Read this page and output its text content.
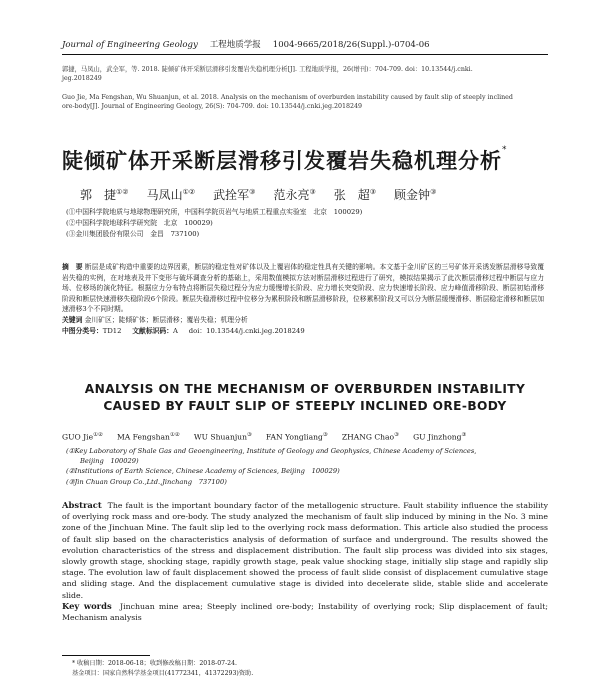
Journal of Engineering Geology 工程地质学报 1004-9665/2018/26(Suppl.)-0704-06
郭捷，马凤山，武全军，等. 2018. 陡倾矿体开采断层滑移引发覆岩失稳机理分析[J]. 工程地质学报，26(增刊)：704-709. doi：10.13544/j.cnki.
jeg.2018249
Guo Jie, Ma Fengshan, Wu Shuanjun, et al. 2018. Analysis on the mechanism of overburden instability caused by fault slip of steeply inclined
ore-body[J]. Journal of Engineering Geology, 26(S): 704-709. doi: 10.13544/j.cnki.jeg.2018249
陡倾矿体开采断层滑移引发覆岩失稳机理分析*
郭　捷①② 马凤山①② 武拴军③ 范永亮③ 张　超③ 顾金钟③
(①中国科学院地质与地球物理研究所，中国科学院页岩气与地质工程重点实验室　北京　100029)
(②中国科学院地球科学研究院　北京　100029)
(③金川集团股份有限公司　金昌　737100)
摘　要 断层是成矿构造中重要的边界因素，断层的稳定性对矿体以及上覆岩体的稳定性具有关键的影响。本文基于金川矿区的三号矿体开采诱发断层滑移导致覆岩失稳的实例，在对地表及井下变形与破坏调查分析的基础上，采用数值模拟方法对断层滑移过程进行了研究，模拟结果揭示了此次断层滑移过程中断层与应力场、位移场的演化特征。根据应力分布特点将断层失稳过程分为应力缓慢增长阶段、应力增长突变阶段、应力快速增长阶段、应力峰值滑移阶段、断层初始滑移阶段和断层快速滑移失稳阶段6个阶段。断层失稳滑移过程中位移分为累积阶段和断层滑移阶段，位移累积阶段又可以分为断层缓慢滑移、断层稳定滑移和断层加速滑移3个不同时期。
关键词 金川矿区；陡倾矿体；断层滑移；覆岩失稳；机理分析
中图分类号：TD12 文献标识码：A doi：10.13544/j.cnki.jeg.2018249
ANALYSIS ON THE MECHANISM OF OVERBURDEN INSTABILITY
CAUSED BY FAULT SLIP OF STEEPLY INCLINED ORE-BODY
GUO Jie①② MA Fengshan①② WU Shuanjun③ FAN Yongliang③ ZHANG Chao③ GU Jinzhong③
(①Key Laboratory of Shale Gas and Geoengineering, Institute of Geology and Geophysics, Chinese Academy of Sciences,
Beijing　100029)
(②Institutions of Earth Science, Chinese Academy of Sciences, Beijing　100029)
(③Jin Chuan Group Co.,Ltd.,Jinchang　737100)
Abstract The fault is the important boundary factor of the metallogenic structure. Fault stability influence the stability of overlying rock mass and ore-body. The study analyzed the mechanism of fault slip induced by mining in the No. 3 mine zone of the Jinchuan Mine. The fault slip led to the overlying rock mass deformation. This article also studied the process of fault slip based on the characteristics analysis of deformation of surface and underground. The results showed the evolution characteristics of the stress and displacement distribution. The fault slip process was divided into six stages, slowly growth stage, shocking stage, rapidly growth stage, peak value shocking stage, initially slip stage and rapidly slip stage. The evolution law of fault displacement showed the process of fault slide consist of displacement cumulative stage and sliding stage. And the displacement cumulative stage is divided into decelerate slide, stable slide and accelerate slide.
Key words Jinchuan mine area; Steeply inclined ore-body; Instability of overlying rock; Slip displacement of fault; Mechanism analysis
* 收稿日期：2018-06-18；收到修改稿日期：2018-07-24.
基金项目：国家自然科学基金项目(41772341，41372293)资助.
